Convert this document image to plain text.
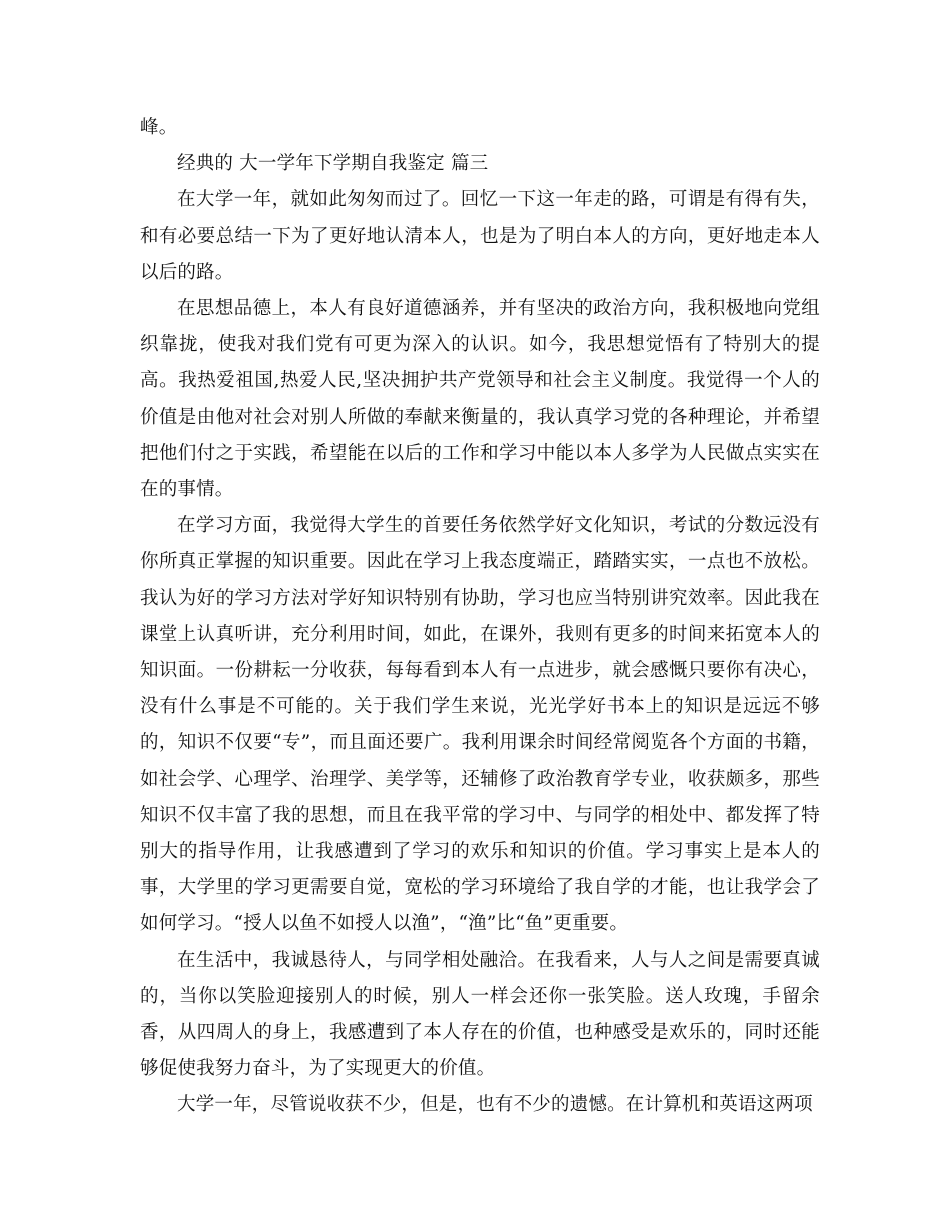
峰。

经典的 大一学年下学期自我鉴定 篇三

在大学一年，就如此匆匆而过了。回忆一下这一年走的路，可谓是有得有失，和有必要总结一下为了更好地认清本人，也是为了明白本人的方向，更好地走本人以后的路。

在思想品德上，本人有良好道德涵养，并有坚决的政治方向，我积极地向党组织靠拢，使我对我们党有可更为深入的认识。如今，我思想觉悟有了特别大的提高。我热爱祖国,热爱人民,坚决拥护共产党领导和社会主义制度。我觉得一个人的价值是由他对社会对别人所做的奉献来衡量的，我认真学习党的各种理论，并希望把他们付之于实践，希望能在以后的工作和学习中能以本人多学为人民做点实实在在的事情。

在学习方面，我觉得大学生的首要任务依然学好文化知识，考试的分数远没有你所真正掌握的知识重要。因此在学习上我态度端正，踏踏实实，一点也不放松。我认为好的学习方法对学好知识特别有协助，学习也应当特别讲究效率。因此我在课堂上认真听讲，充分利用时间，如此，在课外，我则有更多的时间来拓宽本人的知识面。一份耕耘一分收获，每每看到本人有一点进步，就会感慨只要你有决心，没有什么事是不可能的。关于我们学生来说，光光学好书本上的知识是远远不够的，知识不仅要“专”，而且面还要广。我利用课余时间经常阅览各个方面的书籍，如社会学、心理学、治理学、美学等，还辅修了政治教育学专业，收获颇多，那些知识不仅丰富了我的思想，而且在我平常的学习中、与同学的相处中、都发挥了特别大的指导作用，让我感遭到了学习的欢乐和知识的价值。学习事实上是本人的事，大学里的学习更需要自觉，宽松的学习环境给了我自学的才能，也让我学会了如何学习。“授人以鱼不如授人以渔”，“渔”比“鱼”更重要。

在生活中，我诚恳待人，与同学相处融洽。在我看来，人与人之间是需要真诚的，当你以笑脸迎接别人的时候，别人一样会还你一张笑脸。送人玫瑰，手留余香，从四周人的身上，我感遭到了本人存在的价值，也种感受是欢乐的，同时还能够促使我努力奋斗，为了实现更大的价值。

大学一年，尽管说收获不少，但是，也有不少的遗憾。在计算机和英语这两项
